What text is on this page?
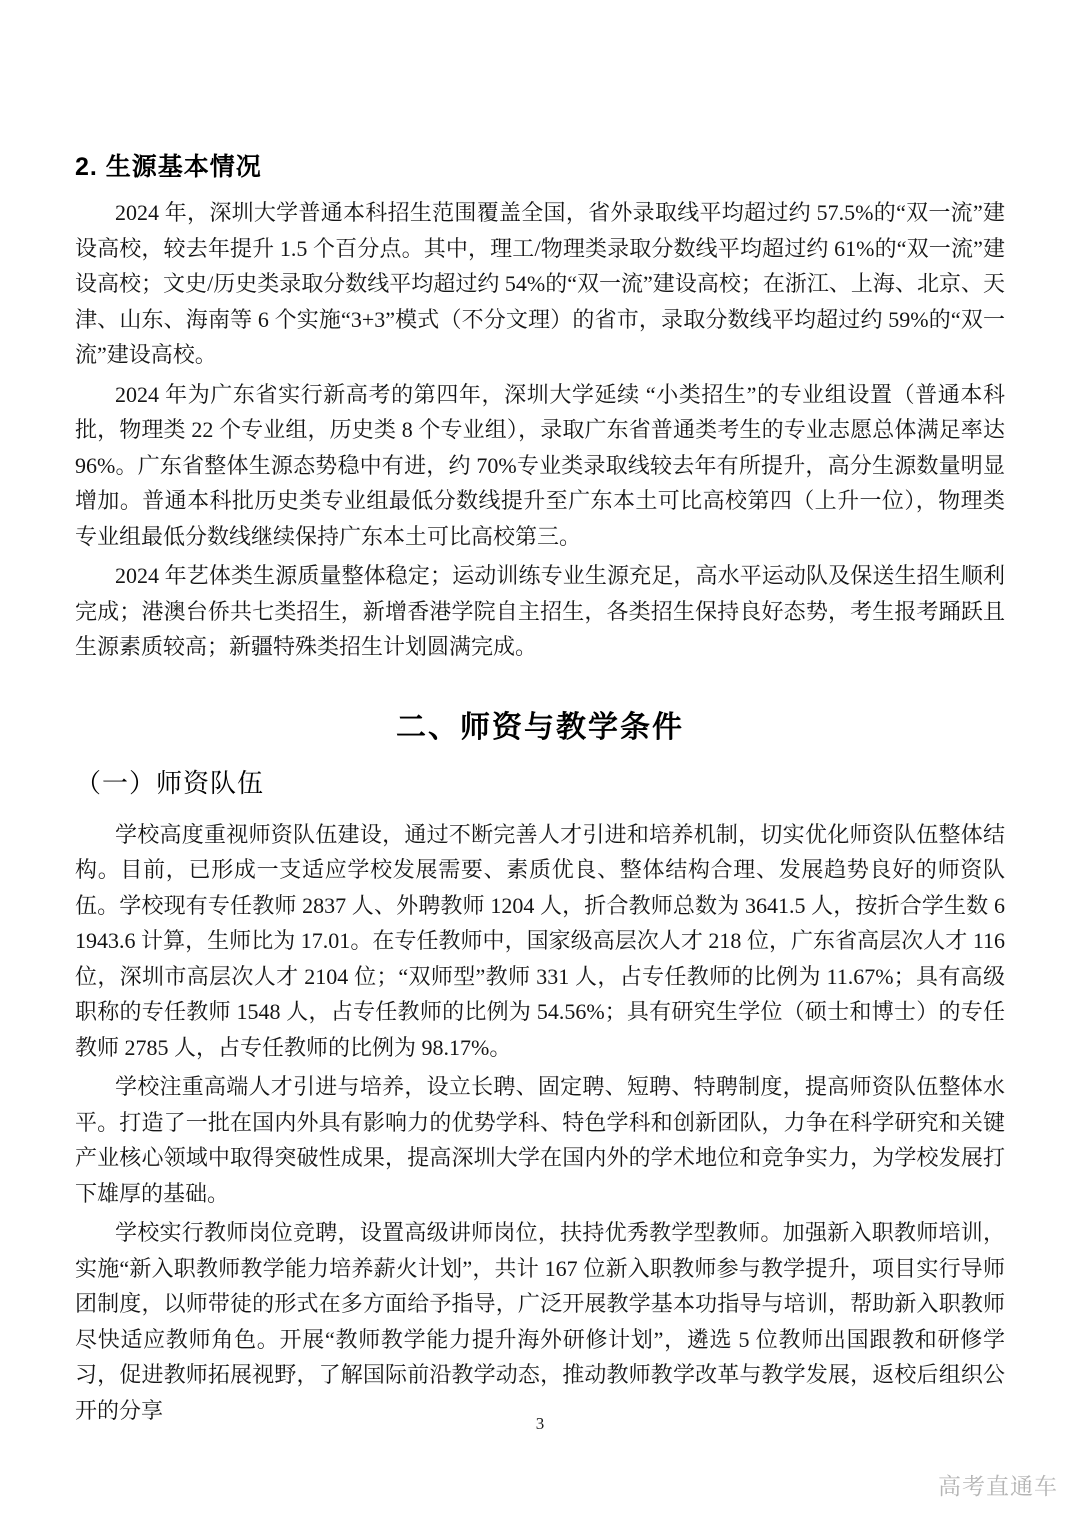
2. 生源基本情况

2024 年，深圳大学普通本科招生范围覆盖全国，省外录取线平均超过约 57.5%的“双一流”建设高校，较去年提升 1.5 个百分点。其中，理工/物理类录取分数线平均超过约 61%的“双一流”建设高校；文史/历史类录取分数线平均超过约 54%的“双一流”建设高校；在浙江、上海、北京、天津、山东、海南等 6 个实施“3+3”模式（不分文理）的省市，录取分数线平均超过约 59%的“双一流”建设高校。

2024 年为广东省实行新高考的第四年，深圳大学延续 “小类招生”的专业组设置（普通本科批，物理类 22 个专业组，历史类 8 个专业组），录取广东省普通类考生的专业志愿总体满足率达 96%。广东省整体生源态势稳中有进，约 70%专业类录取线较去年有所提升，高分生源数量明显增加。普通本科批历史类专业组最低分数线提升至广东本土可比高校第四（上升一位），物理类专业组最低分数线继续保持广东本土可比高校第三。

2024 年艺体类生源质量整体稳定；运动训练专业生源充足，高水平运动队及保送生招生顺利完成；港澳台侨共七类招生，新增香港学院自主招生，各类招生保持良好态势，考生报考踊跃且生源素质较高；新疆特殊类招生计划圆满完成。

二、师资与教学条件
（一）师资队伍

学校高度重视师资队伍建设，通过不断完善人才引进和培养机制，切实优化师资队伍整体结构。目前，已形成一支适应学校发展需要、素质优良、整体结构合理、发展趋势良好的师资队伍。学校现有专任教师 2837 人、外聘教师 1204 人，折合教师总数为 3641.5 人，按折合学生数 61943.6 计算，生师比为 17.01。在专任教师中，国家级高层次人才 218 位，广东省高层次人才 116 位，深圳市高层次人才 2104 位；“双师型”教师 331 人，占专任教师的比例为 11.67%；具有高级职称的专任教师 1548 人，占专任教师的比例为 54.56%；具有研究生学位（硕士和博士）的专任教师 2785 人，占专任教师的比例为 98.17%。

学校注重高端人才引进与培养，设立长聘、固定聘、短聘、特聘制度，提高师资队伍整体水平。打造了一批在国内外具有影响力的优势学科、特色学科和创新团队，力争在科学研究和关键产业核心领域中取得突破性成果，提高深圳大学在国内外的学术地位和竞争实力，为学校发展打下雄厚的基础。

学校实行教师岗位竞聘，设置高级讲师岗位，扶持优秀教学型教师。加强新入职教师培训，实施“新入职教师教学能力培养薪火计划”，共计 167 位新入职教师参与教学提升，项目实行导师团制度，以师带徒的形式在多方面给予指导，广泛开展教学基本功指导与培训，帮助新入职教师尽快适应教师角色。开展“教师教学能力提升海外研修计划”，遴选 5 位教师出国跟教和研修学习，促进教师拓展视野，了解国际前沿教学动态，推动教师教学改革与教学发展，返校后组织公开的分享

3
高考直通车
